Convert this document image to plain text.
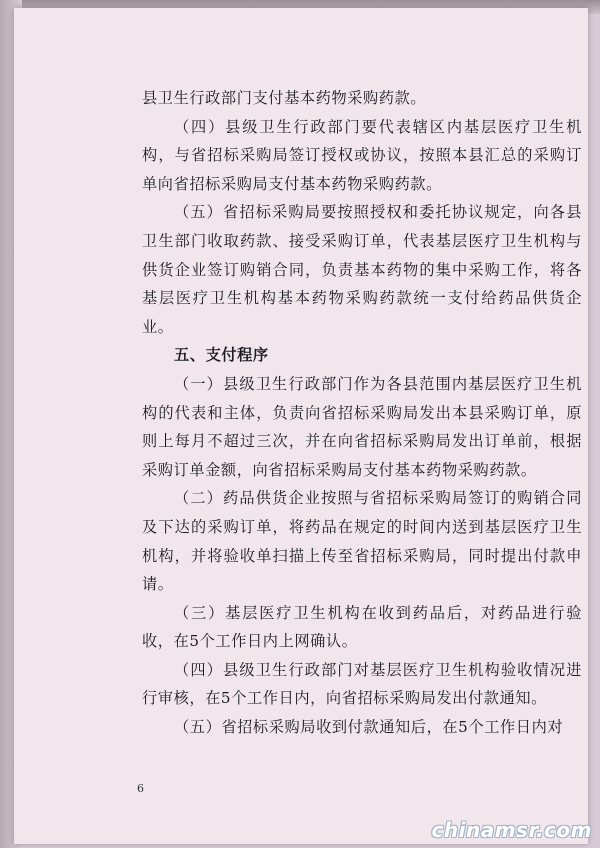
县卫生行政部门支付基本药物采购药款。

（四）县级卫生行政部门要代表辖区内基层医疗卫生机构，与省招标采购局签订授权或协议，按照本县汇总的采购订单向省招标采购局支付基本药物采购药款。

（五）省招标采购局要按照授权和委托协议规定，向各县卫生部门收取药款、接受采购订单，代表基层医疗卫生机构与供货企业签订购销合同，负责基本药物的集中采购工作，将各基层医疗卫生机构基本药物采购药款统一支付给药品供货企业。

五、支付程序

（一）县级卫生行政部门作为各县范围内基层医疗卫生机构的代表和主体，负责向省招标采购局发出本县采购订单，原则上每月不超过三次，并在向省招标采购局发出订单前，根据采购订单金额，向省招标采购局支付基本药物采购药款。

（二）药品供货企业按照与省招标采购局签订的购销合同及下达的采购订单，将药品在规定的时间内送到基层医疗卫生机构，并将验收单扫描上传至省招标采购局，同时提出付款申请。

（三）基层医疗卫生机构在收到药品后，对药品进行验收，在5个工作日内上网确认。

（四）县级卫生行政部门对基层医疗卫生机构验收情况进行审核，在5个工作日内，向省招标采购局发出付款通知。

（五）省招标采购局收到付款通知后，在5个工作日内对

6
chinamsr.com
